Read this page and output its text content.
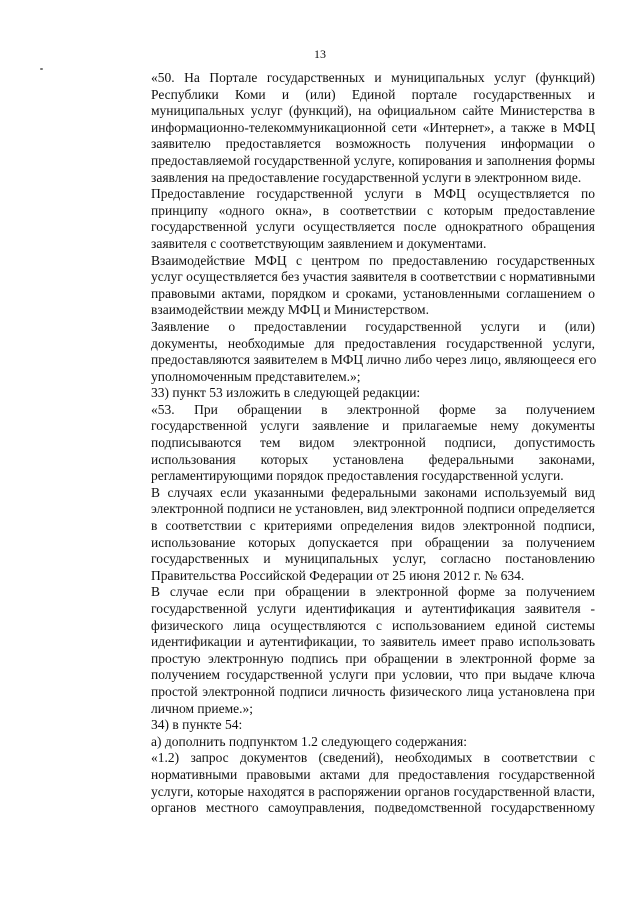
13
«50. На Портале государственных и муниципальных услуг (функций)
Республики Коми и (или) Единой портале государственных и
муниципальных услуг (функций), на официальном сайте Министерства в
информационно-телекоммуникационной сети «Интернет», а также в МФЦ
заявителю предоставляется возможность получения информации о
предоставляемой государственной услуге, копирования и заполнения формы
заявления на предоставление государственной услуги в электронном виде.
Предоставление государственной услуги в МФЦ осуществляется по
принципу «одного окна», в соответствии с которым предоставление
государственной услуги осуществляется после однократного обращения
заявителя с соответствующим заявлением и документами.
Взаимодействие МФЦ с центром по предоставлению государственных
услуг осуществляется без участия заявителя в соответствии с нормативными
правовыми актами, порядком и сроками, установленными соглашением о
взаимодействии между МФЦ и Министерством.
Заявление о предоставлении государственной услуги и (или)
документы, необходимые для предоставления государственной услуги,
предоставляются заявителем в МФЦ лично либо через лицо, являющееся его
уполномоченным представителем.»;
33) пункт 53 изложить в следующей редакции:
«53. При обращении в электронной форме за получением
государственной услуги заявление и прилагаемые нему документы
подписываются тем видом электронной подписи, допустимость
использования которых установлена федеральными законами,
регламентирующими порядок предоставления государственной услуги.
В случаях если указанными федеральными законами используемый вид
электронной подписи не установлен, вид электронной подписи определяется
в соответствии с критериями определения видов электронной подписи,
использование которых допускается при обращении за получением
государственных и муниципальных услуг, согласно постановлению
Правительства Российской Федерации от 25 июня 2012 г. № 634.
В случае если при обращении в электронной форме за получением
государственной услуги идентификация и аутентификация заявителя -
физического лица осуществляются с использованием единой системы
идентификации и аутентификации, то заявитель имеет право использовать
простую электронную подпись при обращении в электронной форме за
получением государственной услуги при условии, что при выдаче ключа
простой электронной подписи личность физического лица установлена при
личном приеме.»;
34) в пункте 54:
а) дополнить подпунктом 1.2 следующего содержания:
«1.2) запрос документов (сведений), необходимых в соответствии с
нормативными правовыми актами для предоставления государственной
услуги, которые находятся в распоряжении органов государственной власти,
органов местного самоуправления, подведомственной государственному
